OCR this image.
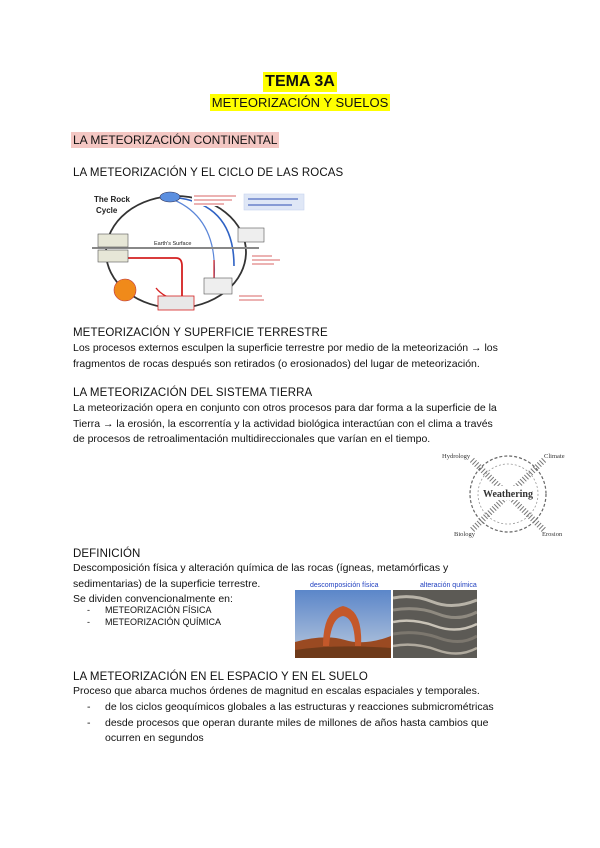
TEMA 3A
METEORIZACIÓN Y SUELOS
LA METEORIZACIÓN CONTINENTAL
LA METEORIZACIÓN Y EL CICLO DE LAS ROCAS
The Rock
Cycle
Earth's Surface
METEORIZACIÓN Y SUPERFICIE TERRESTRE
Los procesos externos esculpen la superficie terrestre por medio de la meteorización → los
fragmentos de rocas después son retirados (o erosionados) del lugar de meteorización.
LA METEORIZACIÓN DEL SISTEMA TIERRA
La meteorización opera en conjunto con otros procesos para dar forma a la superficie de la
Tierra → la erosión, la escorrentía y la actividad biológica interactúan con el clima a través
de procesos de retroalimentación multidireccionales que varían en el tiempo.
Weathering
Hydrology	Climate
Biology	Erosion
DEFINICIÓN
Descomposición física y alteración química de las rocas (ígneas, metamórficas y
sedimentarias) de la superficie terrestre.
Se dividen convencionalmente en:
- METEORIZACIÓN FÍSICA
- METEORIZACIÓN QUÍMICA
descomposición física	alteración química
LA METEORIZACIÓN EN EL ESPACIO Y EN EL SUELO
Proceso que abarca muchos órdenes de magnitud en escalas espaciales y temporales.
- de los ciclos geoquímicos globales a las estructuras y reacciones submicrométricas
- desde procesos que operan durante miles de millones de años hasta cambios que
ocurren en segundos
